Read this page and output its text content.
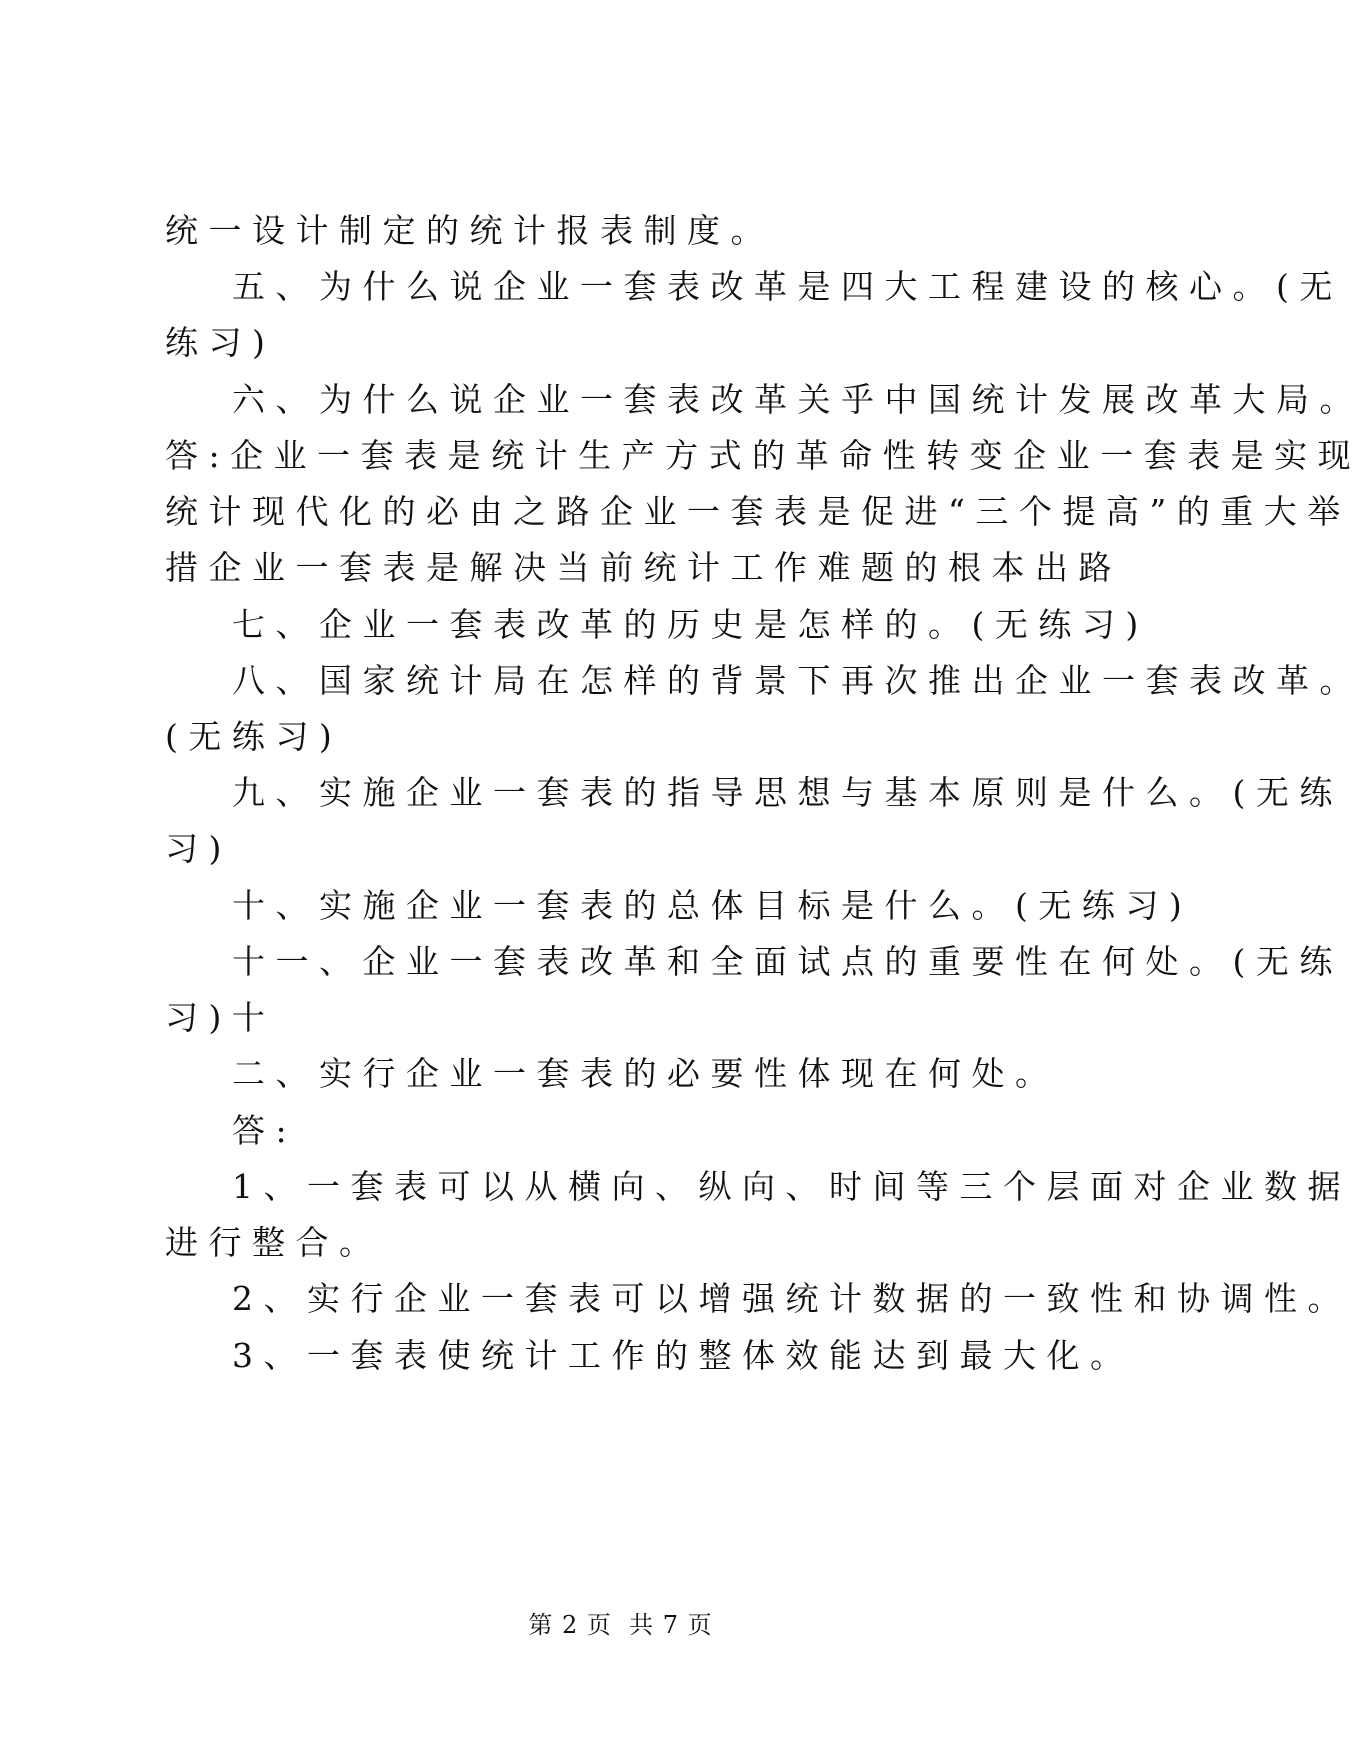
统一设计制定的统计报表制度。
五、为什么说企业一套表改革是四大工程建设的核心。(无
练习)
六、为什么说企业一套表改革关乎中国统计发展改革大局。
答:企业一套表是统计生产方式的革命性转变企业一套表是实现
统计现代化的必由之路企业一套表是促进“三个提高”的重大举
措企业一套表是解决当前统计工作难题的根本出路
七、企业一套表改革的历史是怎样的。(无练习)
八、国家统计局在怎样的背景下再次推出企业一套表改革。
(无练习)
九、实施企业一套表的指导思想与基本原则是什么。(无练
习)
十、实施企业一套表的总体目标是什么。(无练习)
十一、企业一套表改革和全面试点的重要性在何处。(无练
习)十
二、实行企业一套表的必要性体现在何处。
答:
1、一套表可以从横向、纵向、时间等三个层面对企业数据
进行整合。
2、实行企业一套表可以增强统计数据的一致性和协调性。
3、一套表使统计工作的整体效能达到最大化。
第 2 页  共 7 页
